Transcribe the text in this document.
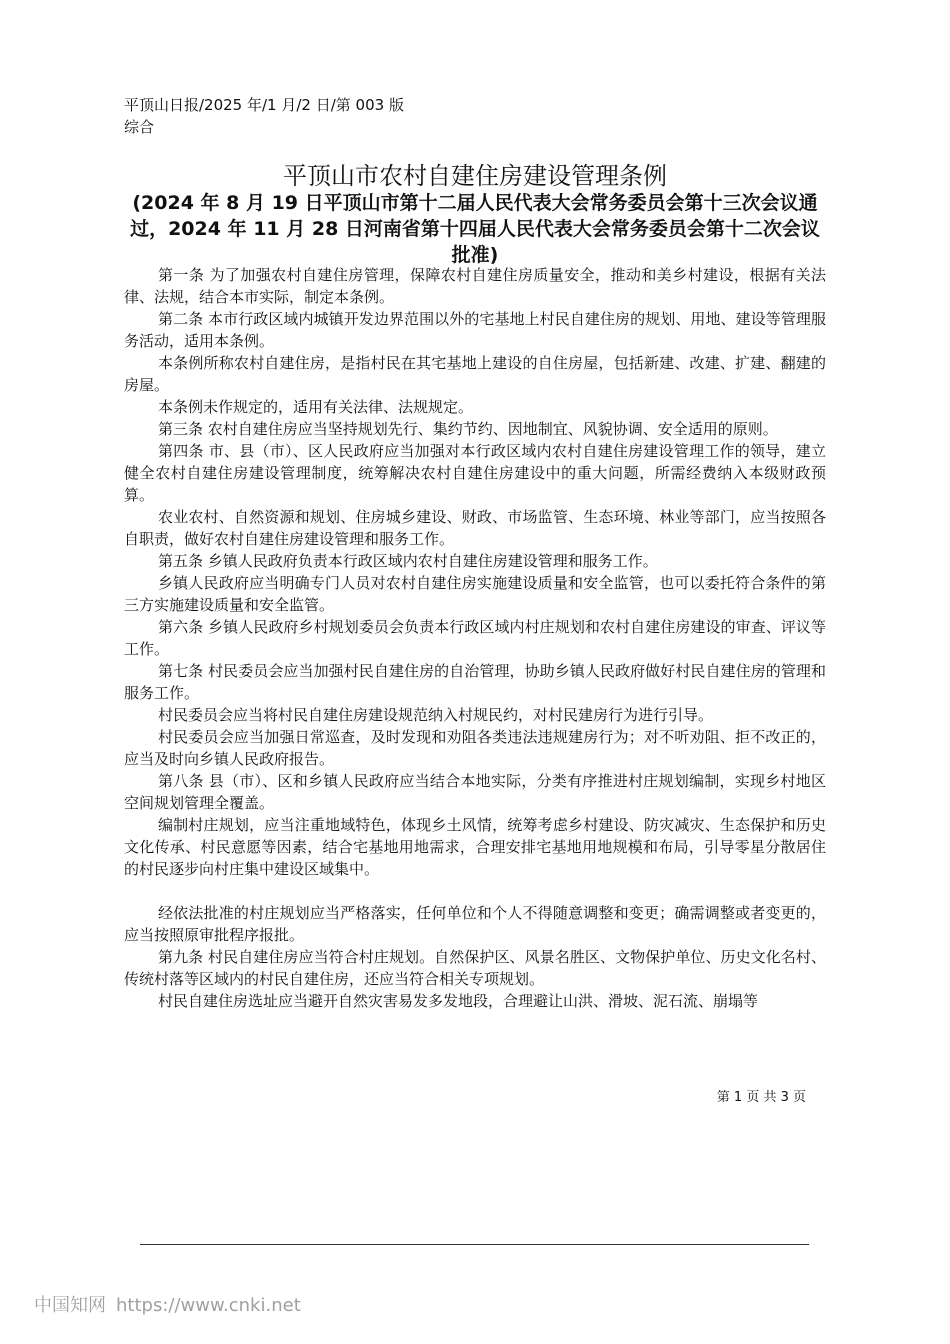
平顶山日报/2025 年/1 月/2 日/第 003 版综合
平顶山市农村自建住房建设管理条例
(2024 年 8 月 19 日平顶山市第十二届人民代表大会常务委员会第十三次会议通过，2024 年 11 月 28 日河南省第十四届人民代表大会常务委员会第十二次会议批准)

第一条 为了加强农村自建住房管理，保障农村自建住房质量安全，推动和美乡村建设，根据有关法律、法规，结合本市实际，制定本条例。

第二条 本市行政区域内城镇开发边界范围以外的宅基地上村民自建住房的规划、用地、建设等管理服务活动，适用本条例。

本条例所称农村自建住房，是指村民在其宅基地上建设的自住房屋，包括新建、改建、扩建、翻建的房屋。

本条例未作规定的，适用有关法律、法规规定。

第三条 农村自建住房应当坚持规划先行、集约节约、因地制宜、风貌协调、安全适用的原则。

第四条 市、县（市）、区人民政府应当加强对本行政区域内农村自建住房建设管理工作的领导，建立健全农村自建住房建设管理制度，统筹解决农村自建住房建设中的重大问题，所需经费纳入本级财政预算。

农业农村、自然资源和规划、住房城乡建设、财政、市场监管、生态环境、林业等部门，应当按照各自职责，做好农村自建住房建设管理和服务工作。

第五条 乡镇人民政府负责本行政区域内农村自建住房建设管理和服务工作。

乡镇人民政府应当明确专门人员对农村自建住房实施建设质量和安全监管，也可以委托符合条件的第三方实施建设质量和安全监管。

第六条 乡镇人民政府乡村规划委员会负责本行政区域内村庄规划和农村自建住房建设的审查、评议等工作。

第七条 村民委员会应当加强村民自建住房的自治管理，协助乡镇人民政府做好村民自建住房的管理和服务工作。

村民委员会应当将村民自建住房建设规范纳入村规民约，对村民建房行为进行引导。

村民委员会应当加强日常巡查，及时发现和劝阻各类违法违规建房行为；对不听劝阻、拒不改正的，应当及时向乡镇人民政府报告。

第八条 县（市）、区和乡镇人民政府应当结合本地实际，分类有序推进村庄规划编制，实现乡村地区空间规划管理全覆盖。

编制村庄规划，应当注重地域特色，体现乡土风情，统筹考虑乡村建设、防灾减灾、生态保护和历史文化传承、村民意愿等因素，结合宅基地用地需求，合理安排宅基地用地规模和布局，引导零星分散居住的村民逐步向村庄集中建设区域集中。

经依法批准的村庄规划应当严格落实，任何单位和个人不得随意调整和变更；确需调整或者变更的，应当按照原审批程序报批。

第九条 村民自建住房应当符合村庄规划。自然保护区、风景名胜区、文物保护单位、历史文化名村、传统村落等区域内的村民自建住房，还应当符合相关专项规划。

村民自建住房选址应当避开自然灾害易发多发地段，合理避让山洪、滑坡、泥石流、崩塌等

第 1 页 共 3 页
中国知网 https://www.cnki.net
